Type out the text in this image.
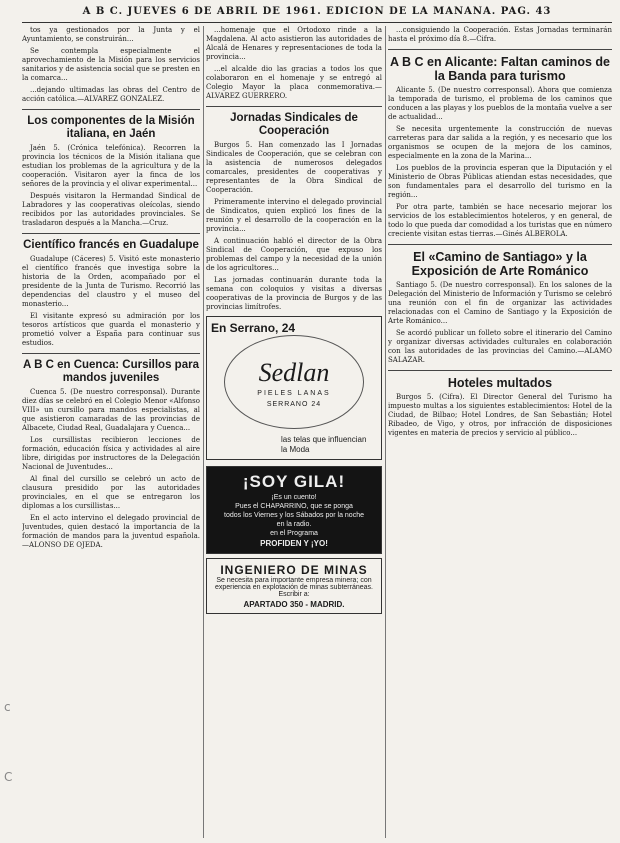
A B C. JUEVES 6 DE ABRIL DE 1961. EDICION DE LA MAÑANA. PAG. 43
c
C

tos ya gestionados por la Junta y el Ayuntamiento, se construirán...

Se contempla especialmente el aprovechamiento de la Misión para los servicios sanitarios y de asistencia social que se presten en la comarca...

...dejando ultimadas las obras del Centro de acción católica.—ALVAREZ GONZALEZ.

Los componentes de la Misión italiana, en Jaén

Jaén 5. (Crónica telefónica). Recorren la provincia los técnicos de la Misión italiana que estudian los problemas de la agricultura y de la cooperación. Visitaron ayer la finca de los señores de la provincia y el olivar experimental...

Después visitaron la Hermandad Sindical de Labradores y las cooperativas oleícolas, siendo recibidos por las autoridades provinciales. Se trasladaron después a la Mancha.—Cruz.

Científico francés en Guadalupe

Guadalupe (Cáceres) 5. Visitó este monasterio el científico francés que investiga sobre la historia de la Orden, acompañado por el presidente de la Junta de Turismo. Recorrió las dependencias del claustro y el museo del monasterio...

El visitante expresó su admiración por los tesoros artísticos que guarda el monasterio y prometió volver a España para continuar sus estudios.

A B C en Cuenca: Cursillos para mandos juveniles

Cuenca 5. (De nuestro corresponsal). Durante diez días se celebró en el Colegio Menor «Alfonso VIII» un cursillo para mandos especialistas, al que asistieron camaradas de las provincias de Albacete, Ciudad Real, Guadalajara y Cuenca...

Los cursillistas recibieron lecciones de formación, educación física y actividades al aire libre, dirigidas por instructores de la Delegación Nacional de Juventudes...

Al final del cursillo se celebró un acto de clausura presidido por las autoridades provinciales, en el que se entregaron los diplomas a los cursillistas...

En el acto intervino el delegado provincial de Juventudes, quien destacó la importancia de la formación de mandos para la juventud española.—ALONSO DE OJEDA.

...homenaje que el Ortodoxo rinde a la Magdalena. Al acto asistieron las autoridades de Alcalá de Henares y representaciones de toda la provincia...

...el alcalde dio las gracias a todos los que colaboraron en el homenaje y se entregó al Colegio Mayor la placa conmemorativa.—ALVAREZ GUERRERO.

Jornadas Sindicales de Cooperación

Burgos 5. Han comenzado las I Jornadas Sindicales de Cooperación, que se celebran con la asistencia de numerosos delegados comarcales, presidentes de cooperativas y representantes de la Obra Sindical de Cooperación.

Primeramente intervino el delegado provincial de Sindicatos, quien explicó los fines de la reunión y el desarrollo de la cooperación en la provincia...

A continuación habló el director de la Obra Sindical de Cooperación, que expuso los problemas del campo y la necesidad de la unión de los agricultores...

Las jornadas continuarán durante toda la semana con coloquios y visitas a diversas cooperativas de la provincia de Burgos y de las provincias limítrofes.

En Serrano, 24
Sedlan
PIELES LANAS
SERRANO 24
las telas que influencian
la Moda
¡SOY GILA!
¡Es un cuento!
Pues el CHAPARRINO, que se ponga
todos los Viernes y los Sábados por la noche
en la radio.
en el Programa
PROFIDEN Y ¡YO!
INGENIERO DE MINAS
Se necesita para importante empresa minera; con experiencia en explotación de minas subterráneas. Escribir a:
APARTADO 350 - MADRID.

...consiguiendo la Cooperación. Estas Jornadas terminarán hasta el próximo día 8.—Cifra.

A B C en Alicante: Faltan caminos de la Banda para turismo

Alicante 5. (De nuestro corresponsal). Ahora que comienza la temporada de turismo, el problema de los caminos que conducen a las playas y los pueblos de la montaña vuelve a ser de actualidad...

Se necesita urgentemente la construcción de nuevas carreteras para dar salida a la región, y es necesario que los organismos se ocupen de la mejora de los caminos, especialmente en la zona de la Marina...

Los pueblos de la provincia esperan que la Diputación y el Ministerio de Obras Públicas atiendan estas necesidades, que son fundamentales para el desarrollo del turismo en la región...

Por otra parte, también se hace necesario mejorar los servicios de los establecimientos hoteleros, y en general, de todo lo que pueda dar comodidad a los turistas que en número creciente visitan estas tierras.—Ginés ALBEROLA.

El «Camino de Santiago» y la Exposición de Arte Románico

Santiago 5. (De nuestro corresponsal). En los salones de la Delegación del Ministerio de Información y Turismo se celebró una reunión con el fin de organizar las actividades relacionadas con el Camino de Santiago y la Exposición de Arte Románico...

Se acordó publicar un folleto sobre el itinerario del Camino y organizar diversas actividades culturales en colaboración con las autoridades de las provincias del Camino.—ALAMO SALAZAR.

Hoteles multados

Burgos 5. (Cifra). El Director General del Turismo ha impuesto multas a los siguientes establecimientos: Hotel de la Ciudad, de Bilbao; Hotel Londres, de San Sebastián; Hotel Ribadeo, de Vigo, y otros, por infracción de disposiciones vigentes en materia de precios y servicio al público...
